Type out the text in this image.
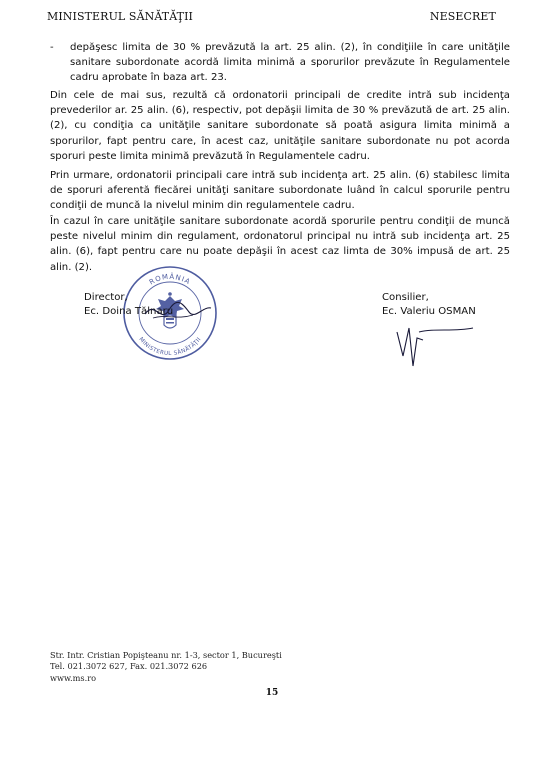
MINISTERUL SĂNĂTĂŢII	NESECRET
-	depăşesc limita de 30 % prevăzută la art. 25 alin. (2), în condiţiile în care unităţile sanitare subordonate acordă limita minimă a sporurilor prevăzute în Regulamentele cadru aprobate în baza art. 23.
Din cele de mai sus, rezultă că ordonatorii principali de credite intră sub incidenţa prevederilor ar. 25 alin. (6), respectiv, pot depăşii limita de 30 % prevăzută de art. 25 alin. (2), cu condiţia ca unităţile sanitare subordonate să poată asigura limita minimă a sporurilor, fapt pentru care, în acest caz, unităţile sanitare subordonate nu pot acorda sporuri peste limita minimă prevăzută în Regulamentele cadru.
Prin urmare, ordonatorii principali care intră sub incidenţa art. 25 alin. (6) stabilesc limita de sporuri aferentă fiecărei unităţi sanitare subordonate luând în calcul sporurile pentru condiţii de muncă la nivelul minim din regulamentele cadru.
În cazul în care unităţile sanitare subordonate acordă sporurile pentru condiţii de muncă peste nivelul minim din regulament, ordonatorul principal nu intră sub incidenţa art. 25 alin. (6), fapt pentru care nu poate depăşii în acest caz limta de 30% impusă de art. 25 alin. (2).
ROMÂNIA
MINISTERUL SĂNĂTĂŢII
Director,
Ec. Doina Tălnaru
Consilier,
Ec. Valeriu OSMAN
Str. Intr. Cristian Popişteanu nr. 1-3, sector 1, Bucureşti
Tel. 021.3072 627, Fax. 021.3072 626
www.ms.ro
15
